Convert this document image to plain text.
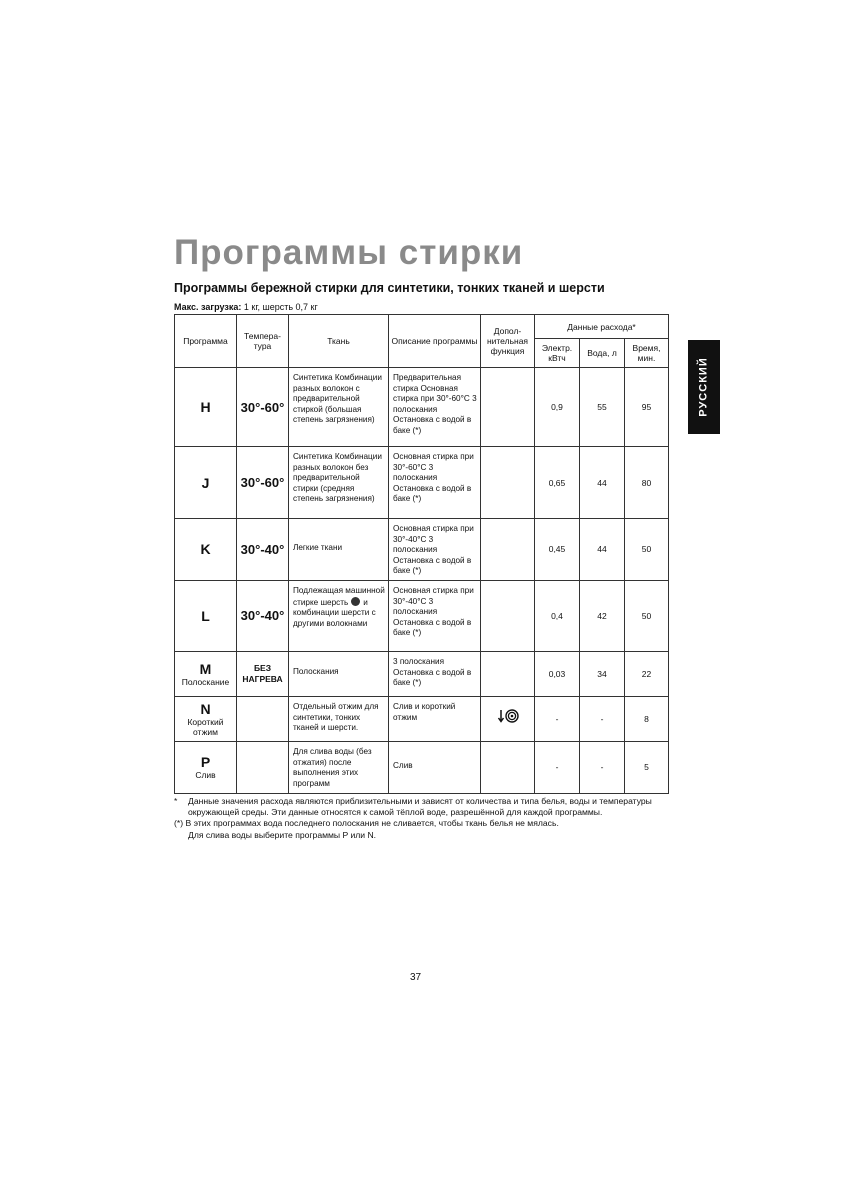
Программы стирки
Программы бережной стирки для синтетики, тонких тканей и шерсти
Макс. загрузка: 1 кг, шерсть 0,7 кг
РУССКИЙ
Программа	Темпера-тура	Ткань	Описание программы	Допол-нительная функция	Данные расхода*		
					Электр. кВтч	Вода, л	Время, мин.

H	30°-60°	Синтетика Комбинации разных волокон с предварительной стиркой (большая степень загрязнения)	Предварительная стирка Основная стирка при 30°-60°C 3 полоскания Остановка с водой в баке (*)		0,9	55	95

J	30°-60°	Синтетика Комбинации разных волокон без предварительной стирки (средняя степень загрязнения)	Основная стирка при 30°-60°C 3 полоскания Остановка с водой в баке (*)		0,65	44	80

K	30°-40°	Легкие ткани	Основная стирка при 30°-40°C 3 полоскания Остановка с водой в баке (*)		0,45	44	50

L	30°-40°	Подлежащая машинной стирке шерсть и комбинации шерсти с другими волокнами	Основная стирка при 30°-40°C 3 полоскания Остановка с водой в баке (*)		0,4	42	50

M
Полоскание	БЕЗ НАГРЕВА	Полоскания	3 полоскания Остановка с водой в баке (*)		0,03	34	22

N
Короткий отжим		Отдельный отжим для синтетики, тонких тканей и шерсти.	Слив и короткий отжим		-	-	8

P
Слив		Для слива воды (без отжатия) после выполнения этих программ	Слив		-	-	5
*	Данные значения расхода являются приблизительными и зависят от количества и типа белья, воды и температуры окружающей среды. Эти данные относятся к самой тёплой воде, разрешённой для каждой программы.

(*) В этих программах вода последнего полоскания не сливается, чтобы ткань белья не мялась.

Для слива воды выберите программы P или N.

37
